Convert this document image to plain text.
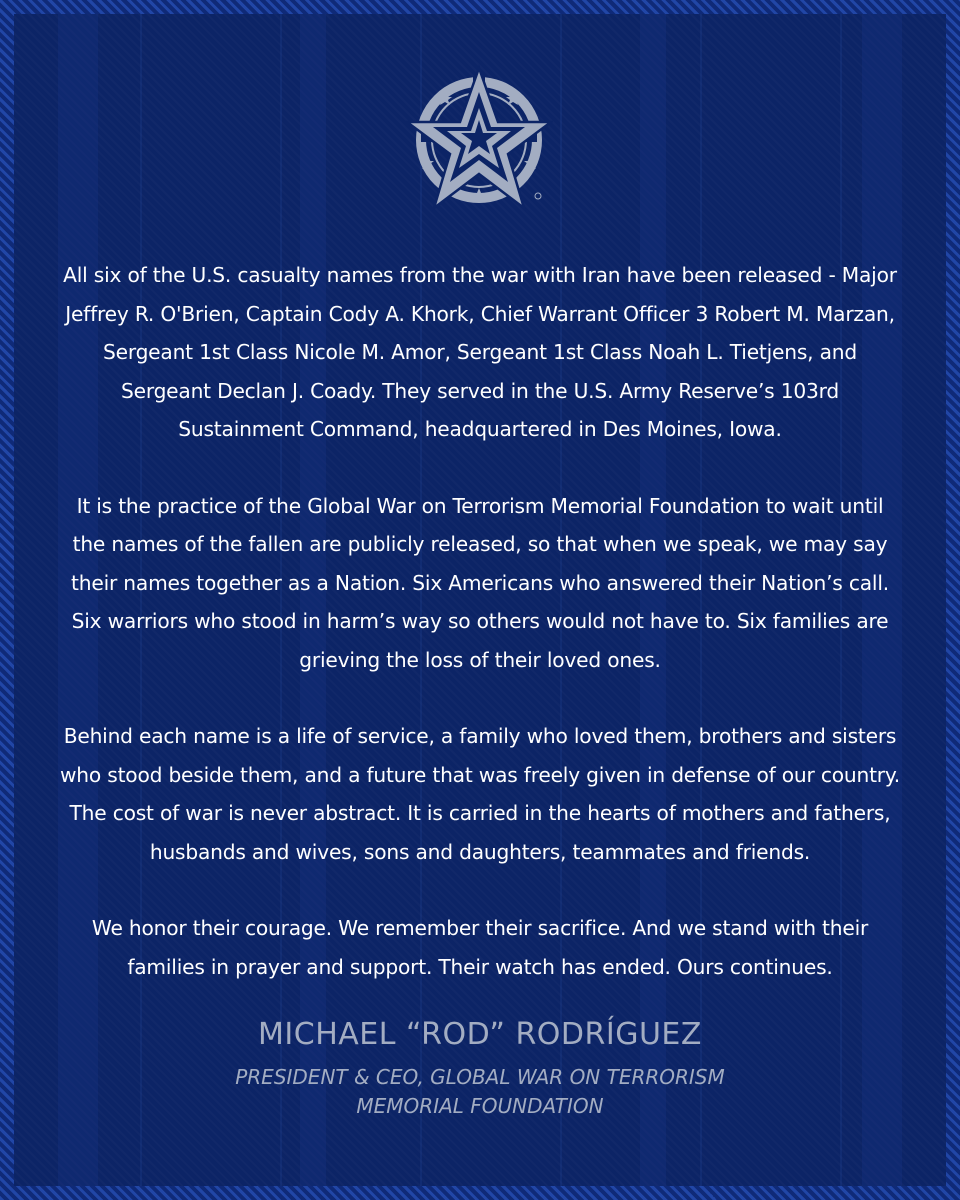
All six of the U.S. casualty names from the war with Iran have been released - Major Jeffrey R. O'Brien, Captain Cody A. Khork, Chief Warrant Officer 3 Robert M. Marzan, Sergeant 1st Class Nicole M. Amor, Sergeant 1st Class Noah L. Tietjens, and Sergeant Declan J. Coady. They served in the U.S. Army Reserve’s 103rd Sustainment Command, headquartered in Des Moines, Iowa.

It is the practice of the Global War on Terrorism Memorial Foundation to wait until the names of the fallen are publicly released, so that when we speak, we may say their names together as a Nation. Six Americans who answered their Nation’s call. Six warriors who stood in harm’s way so others would not have to. Six families are grieving the loss of their loved ones.

Behind each name is a life of service, a family who loved them, brothers and sisters who stood beside them, and a future that was freely given in defense of our country. The cost of war is never abstract. It is carried in the hearts of mothers and fathers, husbands and wives, sons and daughters, teammates and friends.

We honor their courage. We remember their sacrifice. And we stand with their families in prayer and support. Their watch has ended. Ours continues.

MICHAEL “ROD” RODRÍGUEZ
PRESIDENT & CEO, GLOBAL WAR ON TERRORISM
MEMORIAL FOUNDATION
